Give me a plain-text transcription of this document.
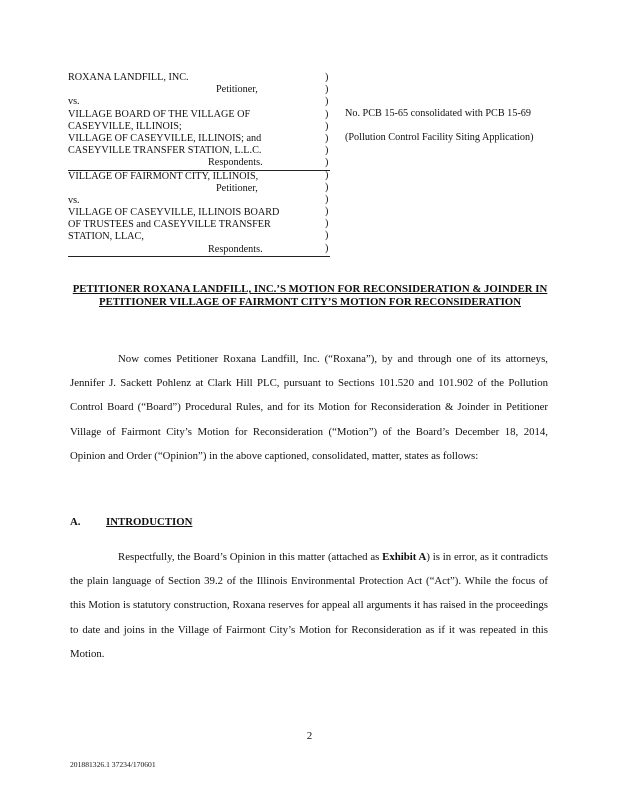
ROXANA LANDFILL, INC.
Petitioner,
vs.
VILLAGE BOARD OF THE VILLAGE OF
CASEYVILLE, ILLINOIS;
VILLAGE OF CASEYVILLE, ILLINOIS; and
CASEYVILLE TRANSFER STATION, L.L.C.
Respondents.
VILLAGE OF FAIRMONT CITY, ILLINOIS,
Petitioner,
vs.
VILLAGE OF CASEYVILLE, ILLINOIS BOARD
OF TRUSTEES and CASEYVILLE TRANSFER
STATION, LLAC,
Respondents.
)
)
)
)
)
)
)
)
)
)
)
)
)
)
)
No. PCB 15-65 consolidated with PCB 15-69
(Pollution Control Facility Siting Application)
PETITIONER ROXANA LANDFILL, INC.’S MOTION FOR RECONSIDERATION & JOINDER IN PETITIONER VILLAGE OF FAIRMONT CITY’S MOTION FOR RECONSIDERATION
Now comes Petitioner Roxana Landfill, Inc. (“Roxana”), by and through one of its attorneys, Jennifer J. Sackett Pohlenz at Clark Hill PLC, pursuant to Sections 101.520 and 101.902 of the Pollution Control Board (“Board”) Procedural Rules, and for its Motion for Reconsideration & Joinder in Petitioner Village of Fairmont City’s Motion for Reconsideration (“Motion”) of the Board’s December 18, 2014, Opinion and Order (“Opinion”) in the above captioned, consolidated, matter, states as follows:
A. INTRODUCTION
Respectfully, the Board’s Opinion in this matter (attached as Exhibit A) is in error, as it contradicts the plain language of Section 39.2 of the Illinois Environmental Protection Act (“Act”). While the focus of this Motion is statutory construction, Roxana reserves for appeal all arguments it has raised in the proceedings to date and joins in the Village of Fairmont City’s Motion for Reconsideration as if it was repeated in this Motion.
2
201881326.1 37234/170601
